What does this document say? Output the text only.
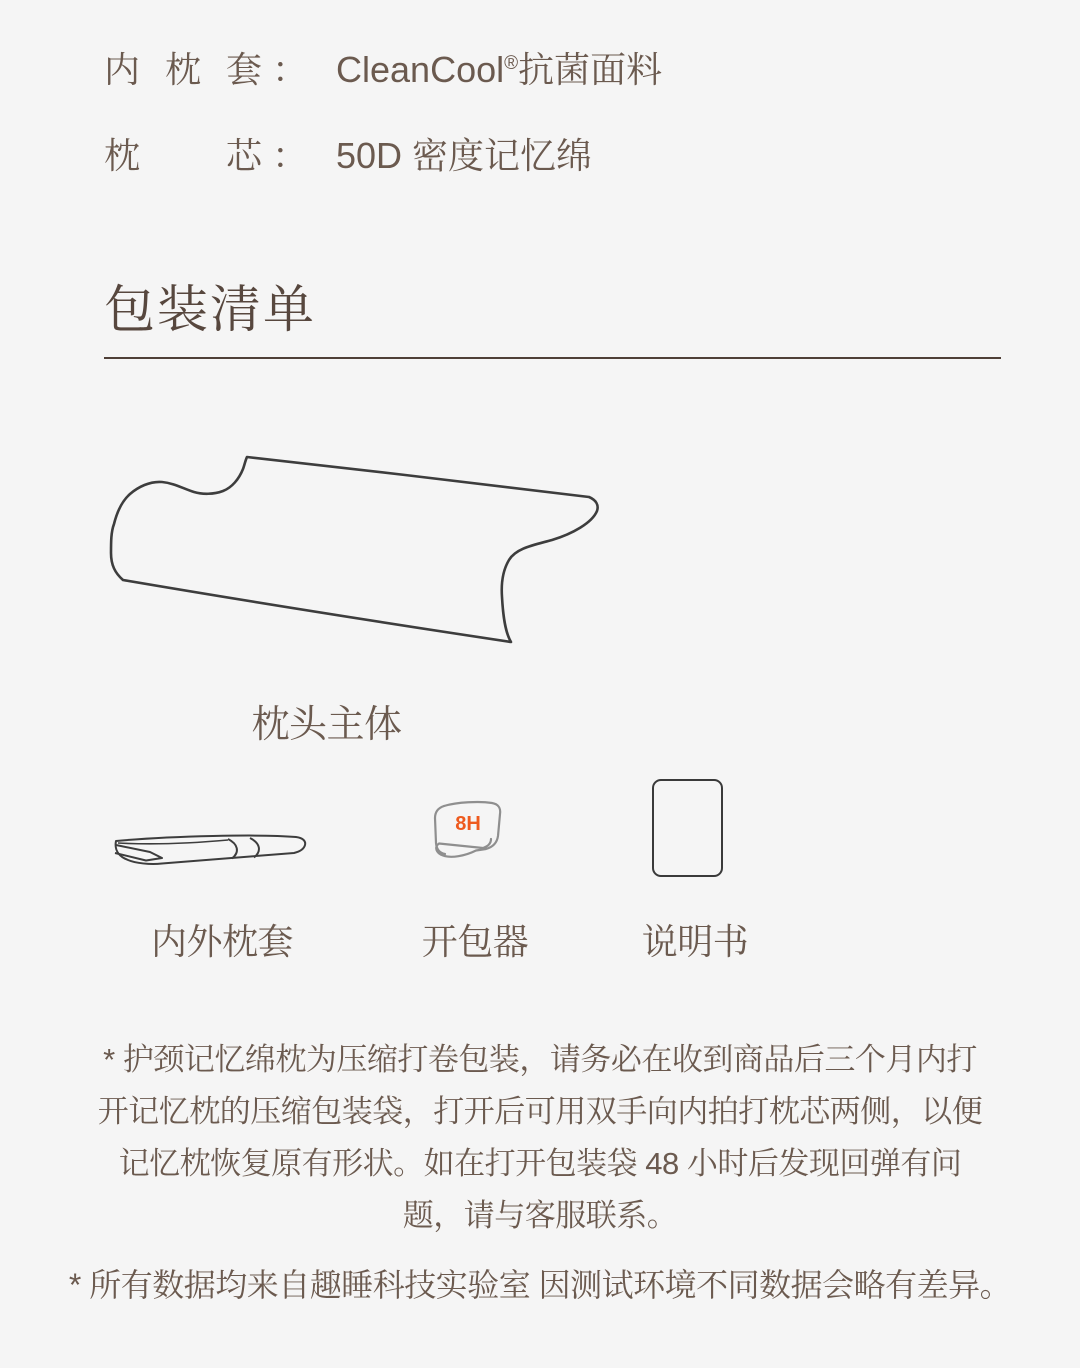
内枕套 ： CleanCool®抗菌面料
枕芯 ： 50D 密度记忆绵
包装清单
枕头主体
8H
内外枕套	开包器	说明书
* 护颈记忆绵枕为压缩打卷包装，请务必在收到商品后三个月内打
开记忆枕的压缩包装袋，打开后可用双手向内拍打枕芯两侧，以便
记忆枕恢复原有形状。如在打开包装袋 48 小时后发现回弹有问
题，请与客服联系。
* 所有数据均来自趣睡科技实验室 因测试环境不同数据会略有差异。
